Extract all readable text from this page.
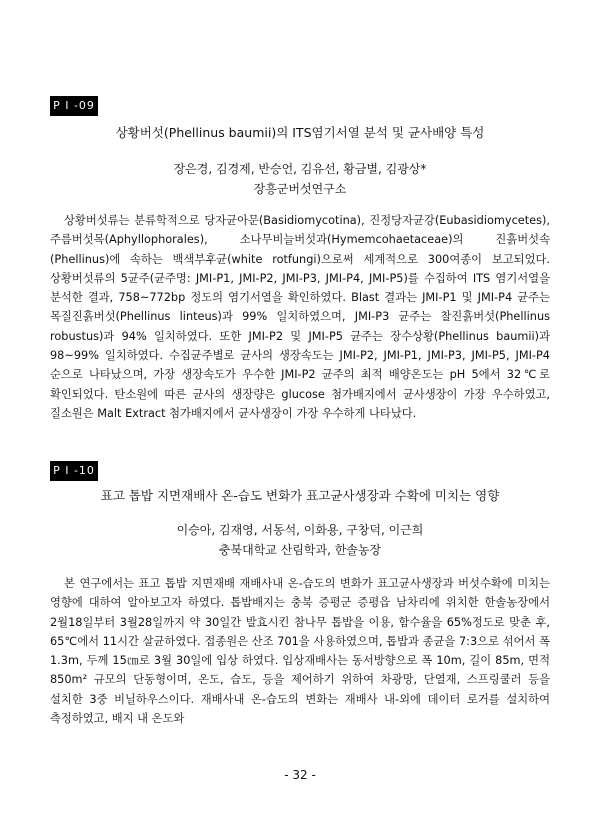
P I -09
상황버섯(Phellinus baumii)의 ITS염기서열 분석 및 균사배양 특성
장은경, 김경제, 반승언, 김유선, 황금별, 김광상*
장흥군버섯연구소

상황버섯류는 분류학적으로 당자균아문(Basidiomycotina), 진정당자균강(Eubasidiomycetes), 주름버섯목(Aphyllophorales), 소나무비늘버섯과(Hymemcohaetaceae)의 진흙버섯속(Phellinus)에 속하는 백색부후균(white rotfungi)으로써 세계적으로 300여종이 보고되었다. 상황버섯류의 5균주(균주명: JMI-P1, JMI-P2, JMI-P3, JMI-P4, JMI-P5)를 수집하여 ITS 염기서열을 분석한 결과, 758~772bp 정도의 염기서열을 확인하였다. Blast 결과는 JMI-P1 및 JMI-P4 균주는 목질진흙버섯(Phellinus linteus)과 99% 일치하였으며, JMI-P3 균주는 찰진흙버섯(Phellinus robustus)과 94% 일치하였다. 또한 JMI-P2 및 JMI-P5 균주는 장수상황(Phellinus baumii)과 98~99% 일치하였다. 수집균주별로 균사의 생장속도는 JMI-P2, JMI-P1, JMI-P3, JMI-P5, JMI-P4 순으로 나타났으며, 가장 생장속도가 우수한 JMI-P2 균주의 최적 배양온도는 pH 5에서 32℃로 확인되었다. 탄소원에 따른 균사의 생장량은 glucose 첨가배지에서 균사생장이 가장 우수하였고, 질소원은 Malt Extract 첨가배지에서 균사생장이 가장 우수하게 나타났다.

P I -10
표고 톱밥 지면재배사 온-습도 변화가 표고균사생장과 수확에 미치는 영향
이승아, 김재영, 서동석, 이화용, 구창덕, 이근희
충북대학교 산림학과, 한솔농장

본 연구에서는 표고 톱밥 지면재배 재배사내 온-습도의 변화가 표고균사생장과 버섯수확에 미치는 영향에 대하여 알아보고자 하였다. 톱밥배지는 충북 증평군 증평읍 남차리에 위치한 한솔농장에서 2월18일부터 3월28일까지 약 30일간 발효시킨 참나무 톱밥을 이용, 함수율을 65%정도로 맞춘 후, 65℃에서 11시간 살균하였다. 접종원은 산조 701을 사용하였으며, 톱밥과 종균을 7:3으로 섞어서 폭 1.3m, 두께 15㎝로 3월 30일에 입상 하였다. 입상재배사는 동서방향으로 폭 10m, 길이 85m, 면적 850m² 규모의 단동형이며, 온도, 습도, 등을 제어하기 위하여 차광망, 단열재, 스프링쿨러 등을 설치한 3중 비닐하우스이다. 재배사내 온-습도의 변화는 재배사 내-외에 데이터 로거를 설치하여 측정하였고, 배지 내 온도와

- 32 -
